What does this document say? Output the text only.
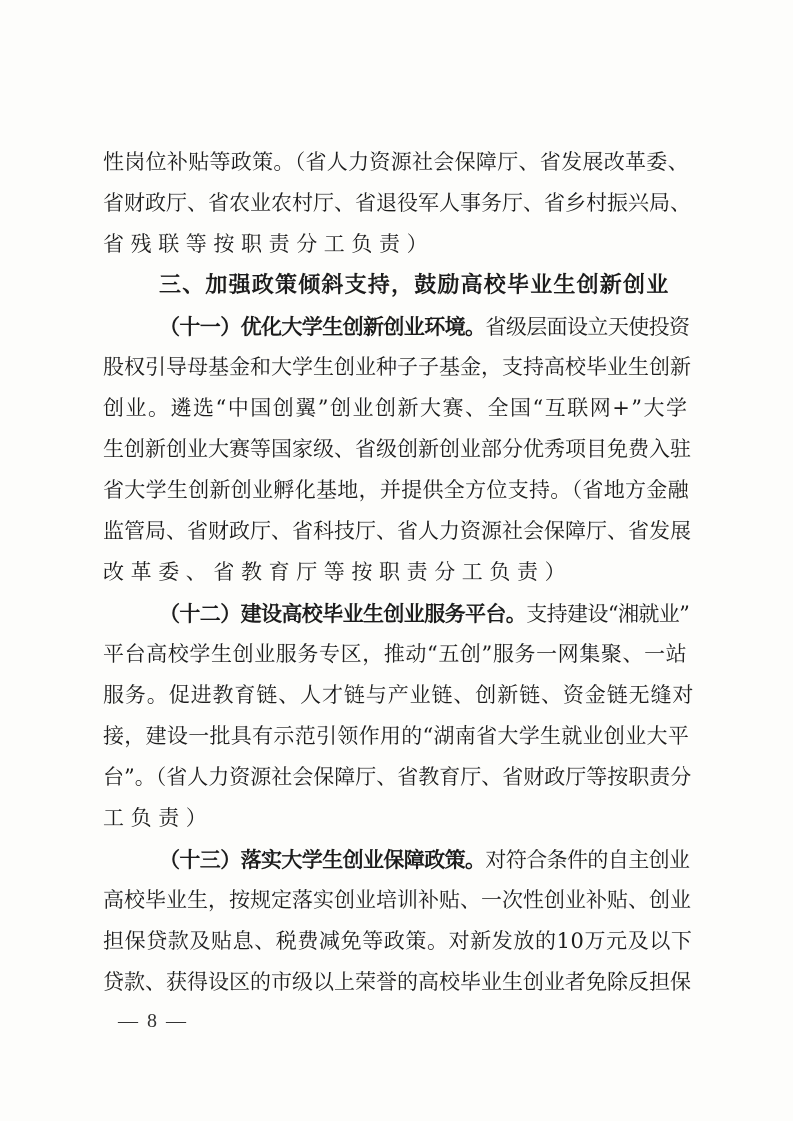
性岗位补贴等政策。（省人力资源社会保障厅、省发展改革委、
省财政厅、省农业农村厅、省退役军人事务厅、省乡村振兴局、
省残联等按职责分工负责）
三、加强政策倾斜支持，鼓励高校毕业生创新创业
（十一）优化大学生创新创业环境。省级层面设立天使投资
股权引导母基金和大学生创业种子子基金，支持高校毕业生创新
创业。遴选“中国创翼”创业创新大赛、全国“互联网+”大学
生创新创业大赛等国家级、省级创新创业部分优秀项目免费入驻
省大学生创新创业孵化基地，并提供全方位支持。（省地方金融
监管局、省财政厅、省科技厅、省人力资源社会保障厅、省发展
改革委、省教育厅等按职责分工负责）
（十二）建设高校毕业生创业服务平台。支持建设“湘就业”
平台高校学生创业服务专区，推动“五创”服务一网集聚、一站
服务。促进教育链、人才链与产业链、创新链、资金链无缝对
接，建设一批具有示范引领作用的“湖南省大学生就业创业大平
台”。（省人力资源社会保障厅、省教育厅、省财政厅等按职责分
工负责）
（十三）落实大学生创业保障政策。对符合条件的自主创业
高校毕业生，按规定落实创业培训补贴、一次性创业补贴、创业
担保贷款及贴息、税费减免等政策。对新发放的10万元及以下
贷款、获得设区的市级以上荣誉的高校毕业生创业者免除反担保
— 8 —
